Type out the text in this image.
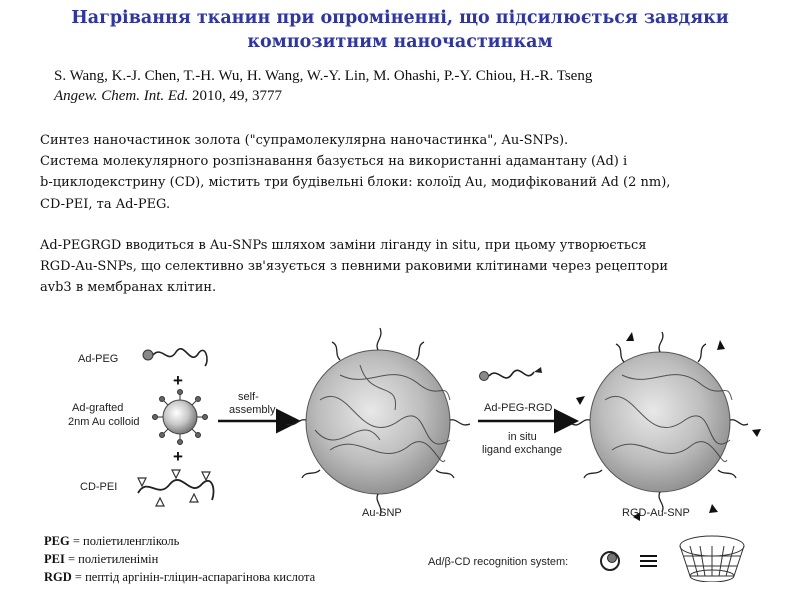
Нагрівання тканин при опроміненні, що підсилюється завдяки
композитним наночастинкам
S. Wang, K.-J. Chen, T.-H. Wu, H. Wang, W.-Y. Lin, M. Ohashi, P.-Y. Chiou, H.-R. Tseng
Angew. Chem. Int. Ed. 2010, 49, 3777
Синтез наночастинок золота ("супрамолекулярна наночастинка", Au-SNPs).
Система молекулярного розпізнавання базується на використанні адамантану (Ad) і
b-циклодекстрину (CD), містить три будівельні блоки: колоїд Au, модифікований Ad (2 nm),
CD-PEI, та Ad-PEG.
Ad-PEGRGD вводиться в Au-SNPs шляхом заміни ліганду in situ, при цьому утворюється
RGD-Au-SNPs, що селективно зв'язується з певними раковими клітинами через рецептори
avb3 в мембранах клітин.
Ad-PEG
+
Ad-grafted
2nm Au colloid
+
CD-PEI
self-
assembly
Au-SNP
Ad-PEG-RGD
in situ
ligand exchange
RGD-Au-SNP
Ad/β-CD recognition system:
PEG = поліетиленгліколь
PEI = поліетиленімін
RGD = пептід аргінін-гліцин-аспарагінова кислота
